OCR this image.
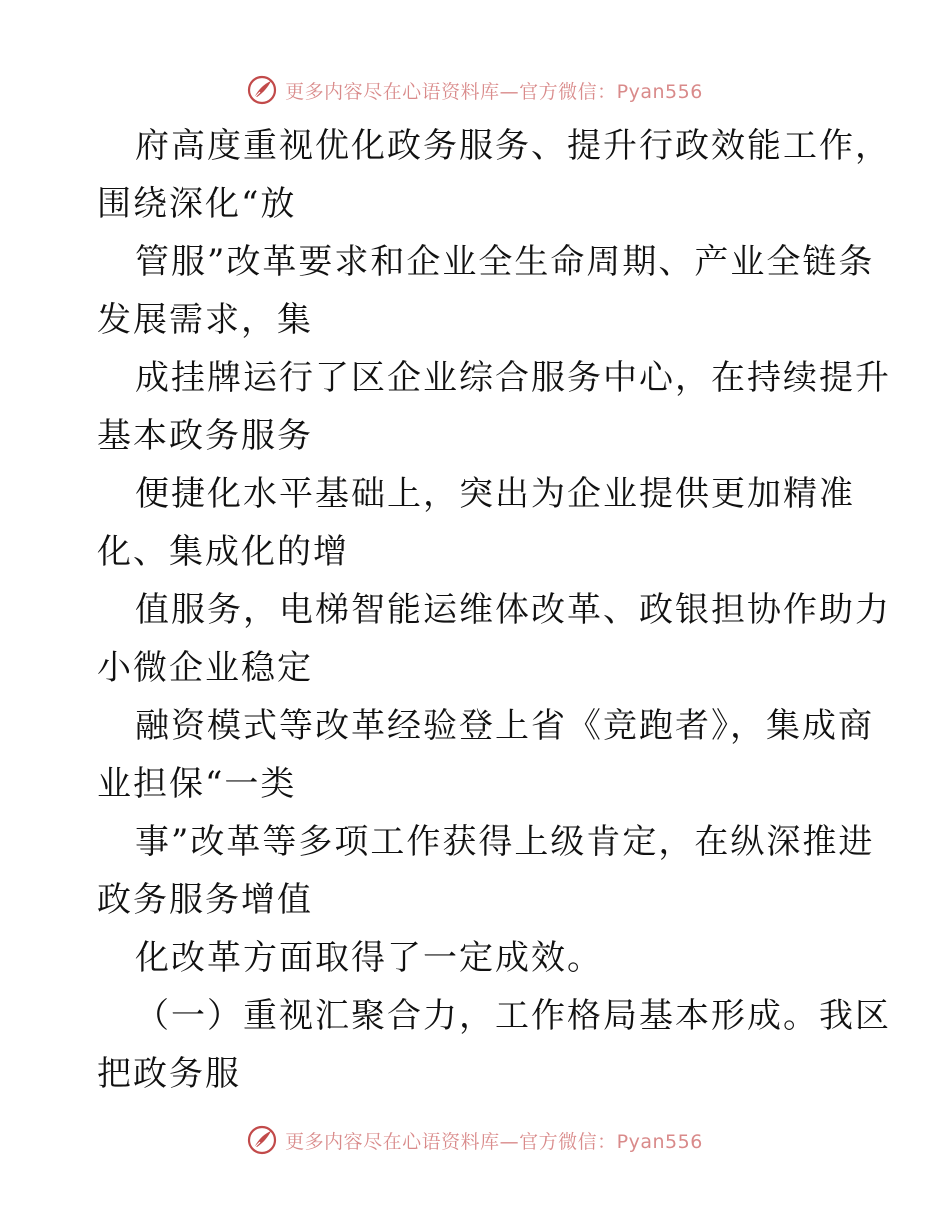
更多内容尽在心语资料库—官方微信：Pyan556
府高度重视优化政务服务、提升行政效能工作，
围绕深化“放
管服”改革要求和企业全生命周期、产业全链条
发展需求，集
成挂牌运行了区企业综合服务中心，在持续提升
基本政务服务
便捷化水平基础上，突出为企业提供更加精准
化、集成化的增
值服务，电梯智能运维体改革、政银担协作助力
小微企业稳定
融资模式等改革经验登上省《竞跑者》，集成商
业担保“一类
事”改革等多项工作获得上级肯定，在纵深推进
政务服务增值
化改革方面取得了一定成效。
（一）重视汇聚合力，工作格局基本形成。我区
把政务服
更多内容尽在心语资料库—官方微信：Pyan556
